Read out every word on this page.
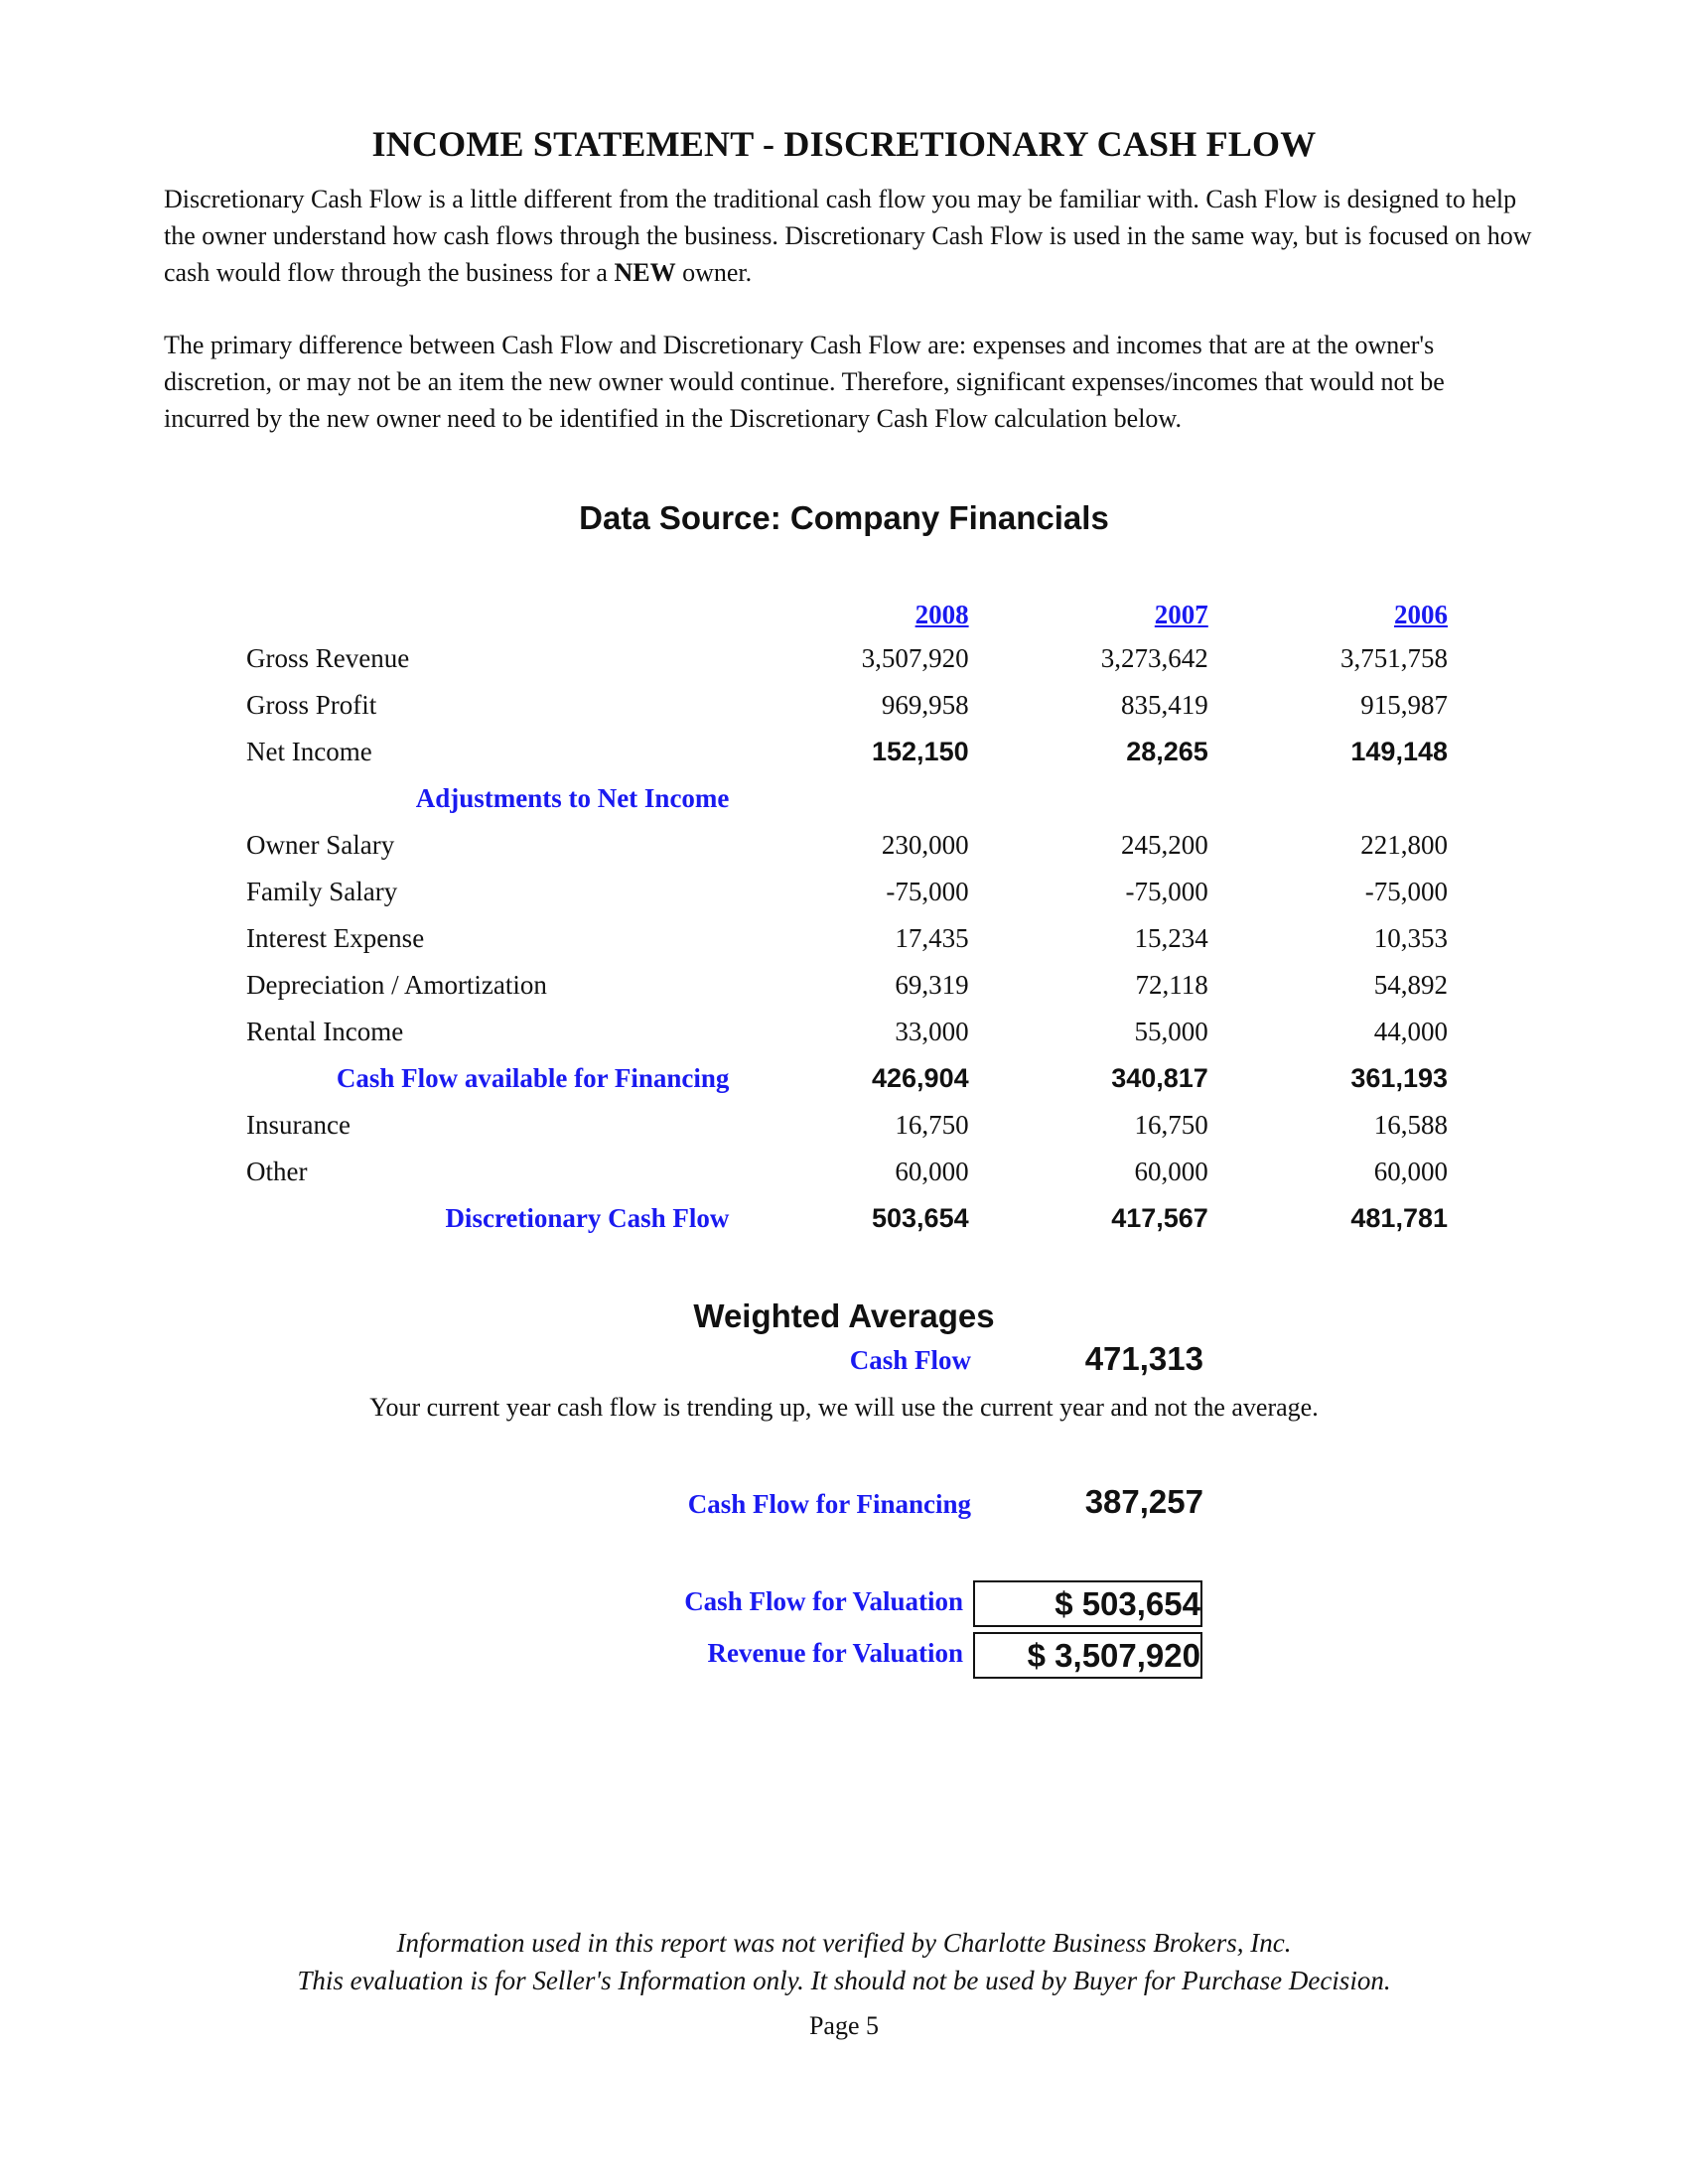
INCOME STATEMENT - DISCRETIONARY CASH FLOW

Discretionary Cash Flow is a little different from the traditional cash flow you may be familiar with. Cash Flow is designed to help the owner understand how cash flows through the business. Discretionary Cash Flow is used in the same way, but is focused on how cash would flow through the business for a NEW owner.

The primary difference between Cash Flow and Discretionary Cash Flow are: expenses and incomes that are at the owner's discretion, or may not be an item the new owner would continue. Therefore, significant expenses/incomes that would not be incurred by the new owner need to be identified in the Discretionary Cash Flow calculation below.

Data Source: Company Financials
	2008	2007	2006
Gross Revenue	3,507,920	3,273,642	3,751,758
Gross Profit	969,958	835,419	915,987
Net Income	152,150	28,265	149,148
Adjustments to Net Income			
Owner Salary	230,000	245,200	221,800
Family Salary	-75,000	-75,000	-75,000
Interest Expense	17,435	15,234	10,353
Depreciation / Amortization	69,319	72,118	54,892
Rental Income	33,000	55,000	44,000
Cash Flow available for Financing	426,904	340,817	361,193
Insurance	16,750	16,750	16,588
Other	60,000	60,000	60,000
Discretionary Cash Flow	503,654	417,567	481,781
Weighted Averages
Cash Flow	471,313
Your current year cash flow is trending up, we will use the current year and not the average.
Cash Flow for Financing	387,257
Cash Flow for Valuation	$ 503,654
Revenue for Valuation	$ 3,507,920
Information used in this report was not verified by Charlotte Business Brokers, Inc.
This evaluation is for Seller's Information only. It should not be used by Buyer for Purchase Decision.
Page 5
